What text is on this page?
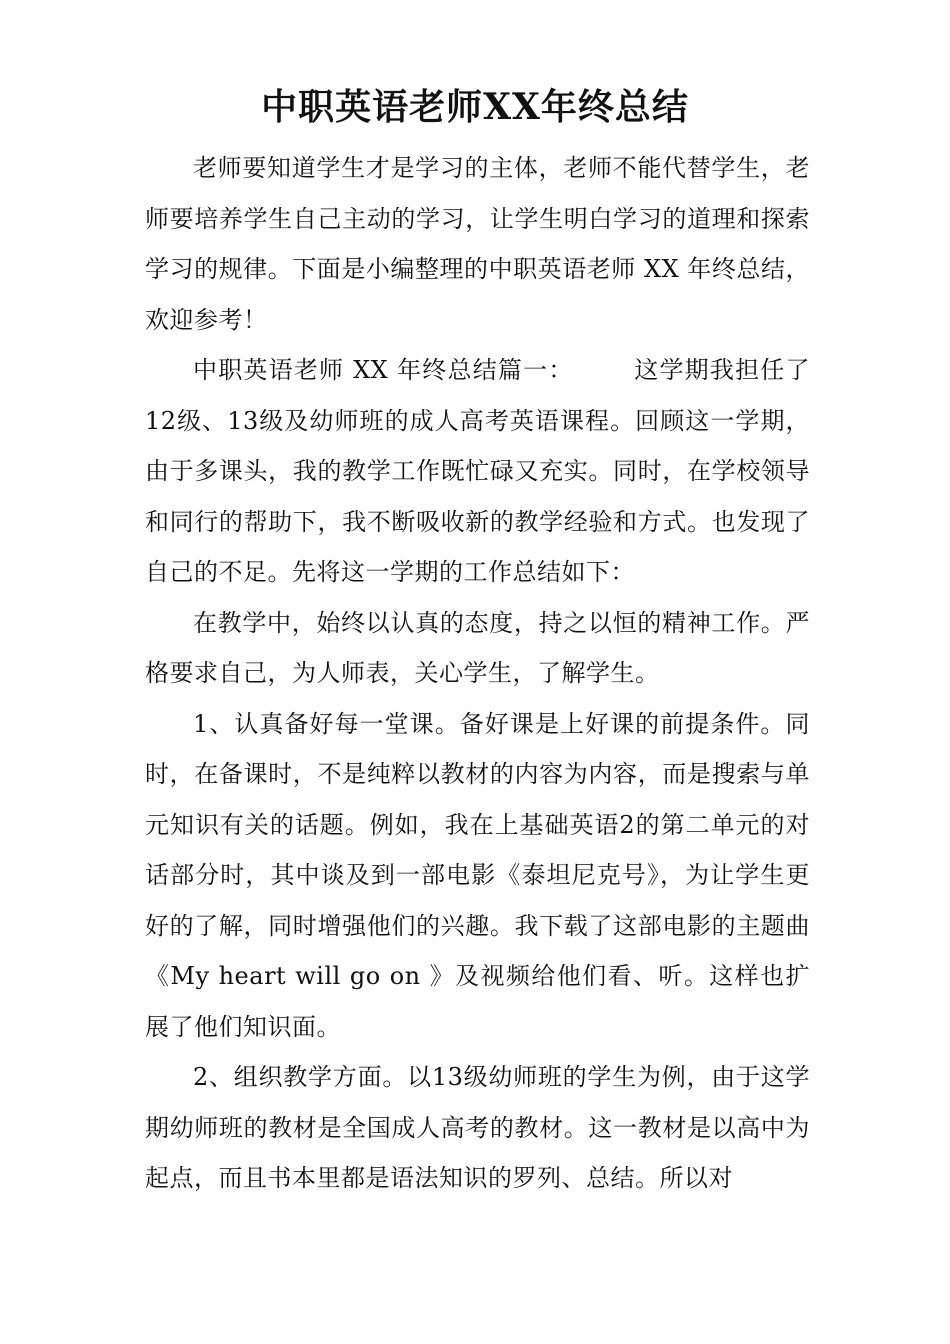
中职英语老师XX年终总结

老师要知道学生才是学习的主体，老师不能代替学生，老师要培养学生自己主动的学习，让学生明白学习的道理和探索学习的规律。下面是小编整理的中职英语老师 XX 年终总结，欢迎参考！

中职英语老师 XX 年终总结篇一：	这学期我担任了12级、13级及幼师班的成人高考英语课程。回顾这一学期，由于多课头，我的教学工作既忙碌又充实。同时，在学校领导和同行的帮助下，我不断吸收新的教学经验和方式。也发现了自己的不足。先将这一学期的工作总结如下：

在教学中，始终以认真的态度，持之以恒的精神工作。严格要求自己，为人师表，关心学生，了解学生。

1、认真备好每一堂课。备好课是上好课的前提条件。同时，在备课时，不是纯粹以教材的内容为内容，而是搜索与单元知识有关的话题。例如，我在上基础英语2的第二单元的对话部分时，其中谈及到一部电影《泰坦尼克号》，为让学生更好的了解，同时增强他们的兴趣。我下载了这部电影的主题曲《My heart will go on 》及视频给他们看、听。这样也扩展了他们知识面。

2、组织教学方面。以13级幼师班的学生为例，由于这学期幼师班的教材是全国成人高考的教材。这一教材是以高中为起点，而且书本里都是语法知识的罗列、总结。所以对
